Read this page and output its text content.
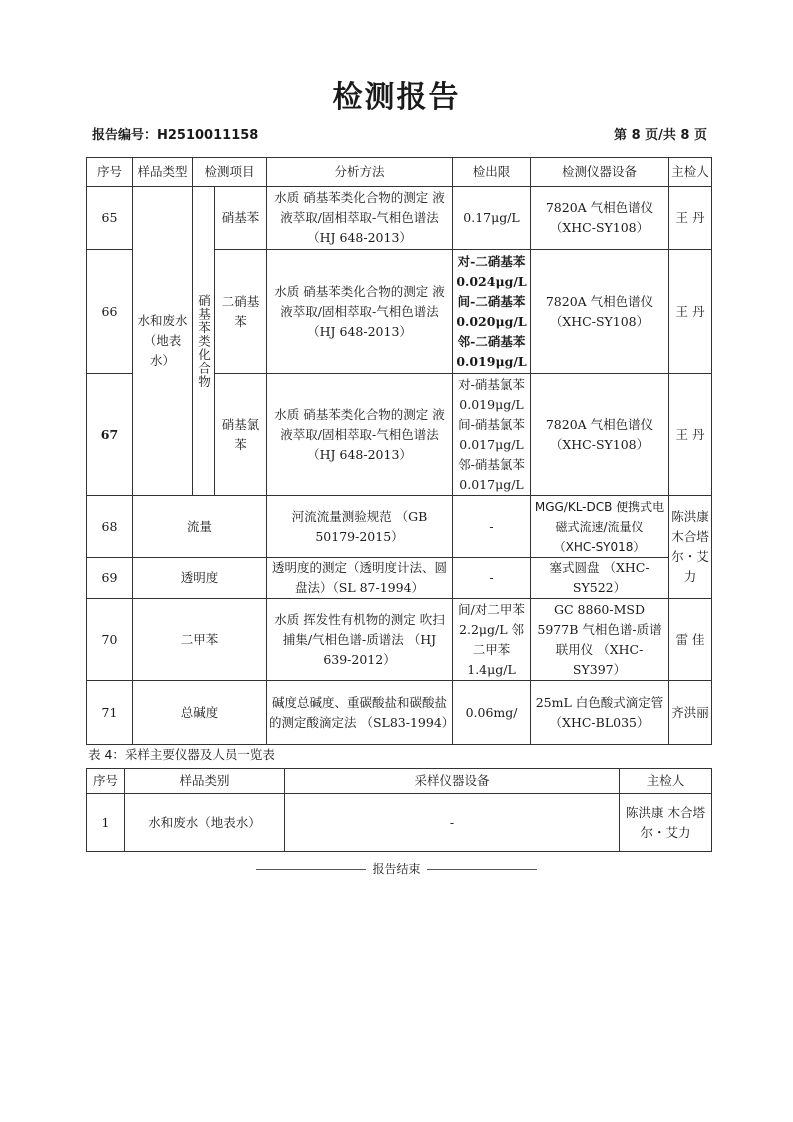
检测报告
报告编号：H2510011158	第 8 页/共 8 页
序号	样品类型	检测项目		分析方法	检出限	检测仪器设备	主检人
65	水和废水（地表水）	硝基苯类化合物	硝基苯	水质 硝基苯类化合物的测定 液液萃取/固相萃取-气相色谱法 （HJ 648-2013）	0.17μg/L	7820A 气相色谱仪 （XHC-SY108）	王 丹
66			二硝基苯	水质 硝基苯类化合物的测定 液液萃取/固相萃取-气相色谱法 （HJ 648-2013）	对-二硝基苯 0.024μg/L 间-二硝基苯 0.020μg/L 邻-二硝基苯 0.019μg/L	7820A 气相色谱仪 （XHC-SY108）	王 丹
67			硝基氯苯	水质 硝基苯类化合物的测定 液液萃取/固相萃取-气相色谱法 （HJ 648-2013）	对-硝基氯苯 0.019μg/L 间-硝基氯苯 0.017μg/L 邻-硝基氯苯 0.017μg/L	7820A 气相色谱仪 （XHC-SY108）	王 丹
68	流量			河流流量测验规范 （GB 50179-2015）	-	MGG/KL-DCB 便携式电磁式流速/流量仪 （XHC-SY018）	陈洪康 木合塔尔・艾力
69	透明度			透明度的测定（透明度计法、圆盘法）（SL 87-1994）	-	塞式圆盘 （XHC-SY522）	
70	二甲苯			水质 挥发性有机物的测定 吹扫捕集/气相色谱-质谱法 （HJ 639-2012）	间/对二甲苯 2.2μg/L 邻二甲苯 1.4μg/L	GC 8860-MSD 5977B 气相色谱-质谱联用仪 （XHC-SY397）	雷 佳
71	总碱度			碱度总碱度、重碳酸盐和碳酸盐的测定酸滴定法 （SL83-1994）	0.06mg/	25mL 白色酸式滴定管 （XHC-BL035）	齐洪丽
表 4：采样主要仪器及人员一览表
序号	样品类别	采样仪器设备	主检人
1	水和废水（地表水）	-	陈洪康 木合塔尔・艾力
报告结束
